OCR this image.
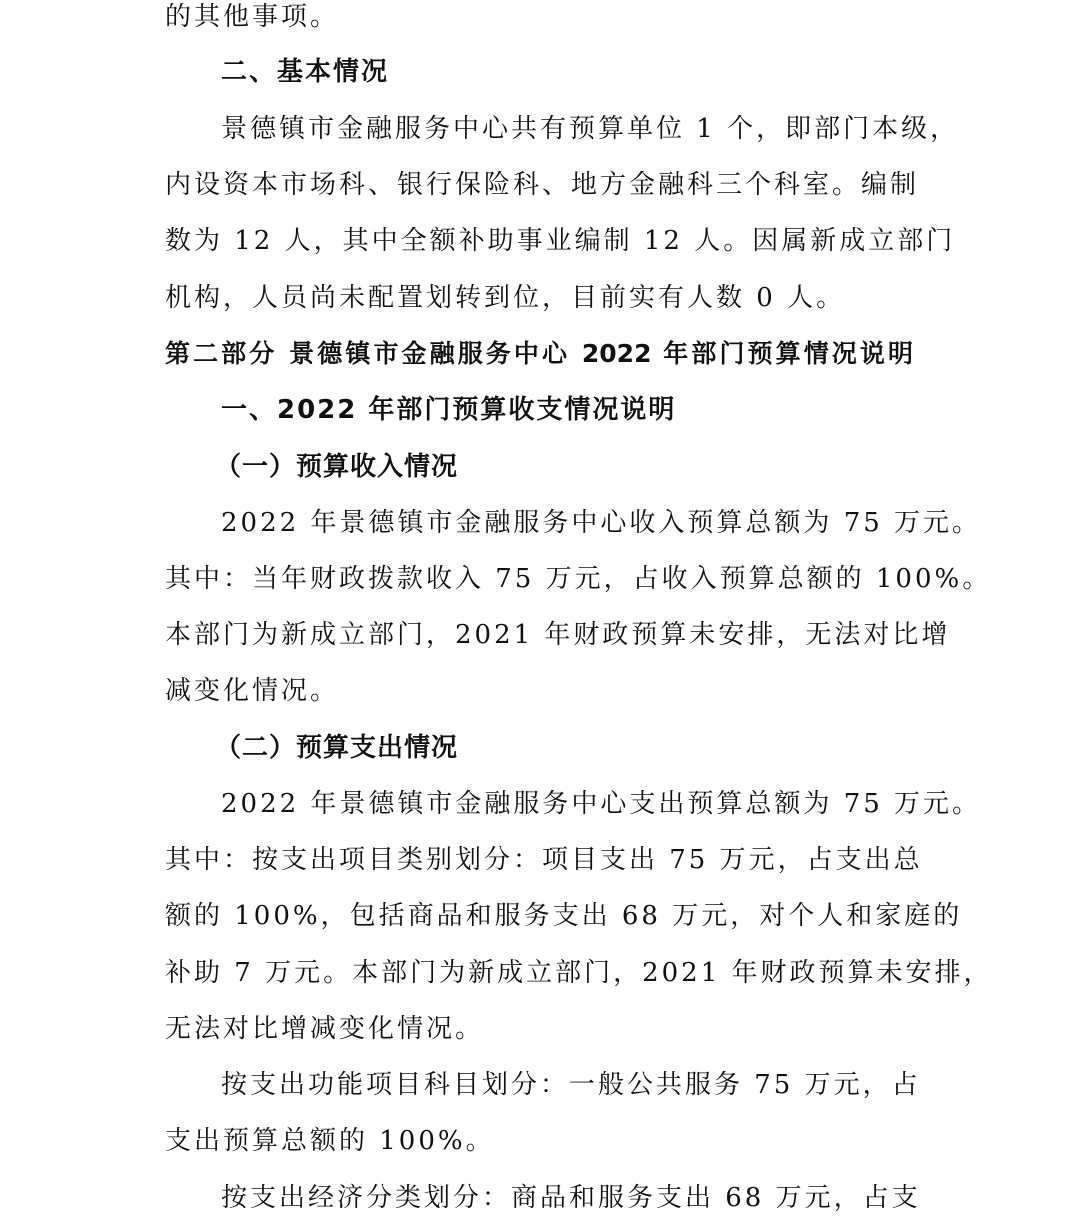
的其他事项。
二、基本情况
景德镇市金融服务中心共有预算单位 1 个，即部门本级，
内设资本市场科、银行保险科、地方金融科三个科室。编制
数为 12 人，其中全额补助事业编制 12 人。因属新成立部门
机构，人员尚未配置划转到位，目前实有人数 0 人。
第二部分 景德镇市金融服务中心 2022 年部门预算情况说明
一、2022 年部门预算收支情况说明
（一）预算收入情况
2022 年景德镇市金融服务中心收入预算总额为 75 万元。
其中：当年财政拨款收入 75 万元，占收入预算总额的 100%。
本部门为新成立部门，2021 年财政预算未安排，无法对比增
减变化情况。
（二）预算支出情况
2022 年景德镇市金融服务中心支出预算总额为 75 万元。
其中：按支出项目类别划分：项目支出 75 万元，占支出总
额的 100%，包括商品和服务支出 68 万元，对个人和家庭的
补助 7 万元。本部门为新成立部门，2021 年财政预算未安排，
无法对比增减变化情况。
按支出功能项目科目划分：一般公共服务 75 万元，占
支出预算总额的 100%。
按支出经济分类划分：商品和服务支出 68 万元，占支
